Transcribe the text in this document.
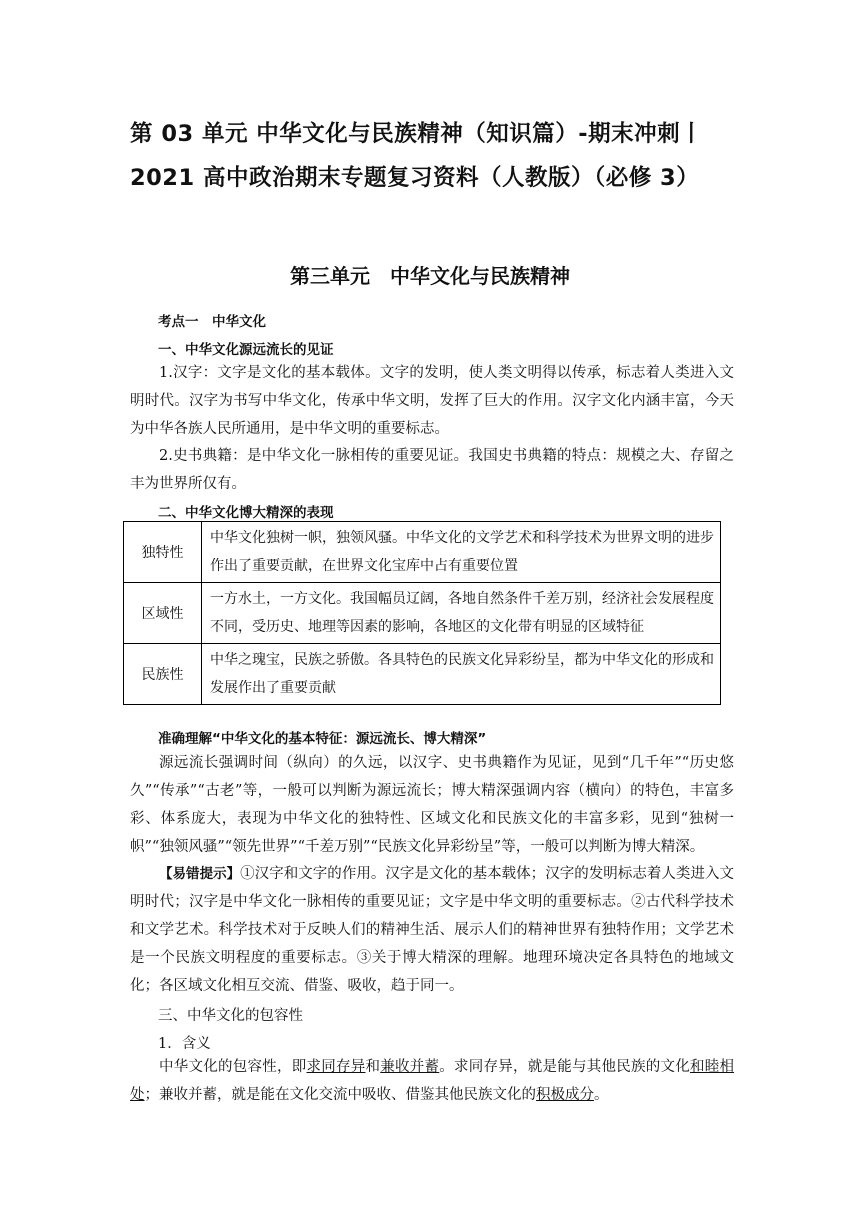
第 03 单元 中华文化与民族精神（知识篇）-期末冲刺丨 2021 高中政治期末专题复习资料（人教版）（必修 3）
第三单元　中华文化与民族精神
考点一　中华文化
一、中华文化源远流长的见证
1.汉字：文字是文化的基本载体。文字的发明，使人类文明得以传承，标志着人类进入文明时代。汉字为书写中华文化，传承中华文明，发挥了巨大的作用。汉字文化内涵丰富，今天为中华各族人民所通用，是中华文明的重要标志。
2.史书典籍：是中华文化一脉相传的重要见证。我国史书典籍的特点：规模之大、存留之丰为世界所仅有。
二、中华文化博大精深的表现
独特性	中华文化独树一帜，独领风骚。中华文化的文学艺术和科学技术为世界文明的进步作出了重要贡献，在世界文化宝库中占有重要位置
区域性	一方水土，一方文化。我国幅员辽阔，各地自然条件千差万别，经济社会发展程度不同，受历史、地理等因素的影响，各地区的文化带有明显的区域特征
民族性	中华之瑰宝，民族之骄傲。各具特色的民族文化异彩纷呈，都为中华文化的形成和发展作出了重要贡献
准确理解“中华文化的基本特征：源远流长、博大精深”
源远流长强调时间（纵向）的久远，以汉字、史书典籍作为见证，见到“几千年”“历史悠久”“传承”“古老”等，一般可以判断为源远流长；博大精深强调内容（横向）的特色，丰富多彩、体系庞大，表现为中华文化的独特性、区域文化和民族文化的丰富多彩，见到“独树一帜”“独领风骚”“领先世界”“千差万别”“民族文化异彩纷呈”等，一般可以判断为博大精深。
【易错提示】①汉字和文字的作用。汉字是文化的基本载体；汉字的发明标志着人类进入文明时代；汉字是中华文化一脉相传的重要见证；文字是中华文明的重要标志。②古代科学技术和文学艺术。科学技术对于反映人们的精神生活、展示人们的精神世界有独特作用；文学艺术是一个民族文明程度的重要标志。③关于博大精深的理解。地理环境决定各具特色的地域文化；各区域文化相互交流、借鉴、吸收，趋于同一。
三、中华文化的包容性
1．含义
中华文化的包容性，即求同存异和兼收并蓄。求同存异，就是能与其他民族的文化和睦相处；兼收并蓄，就是能在文化交流中吸收、借鉴其他民族文化的积极成分。
